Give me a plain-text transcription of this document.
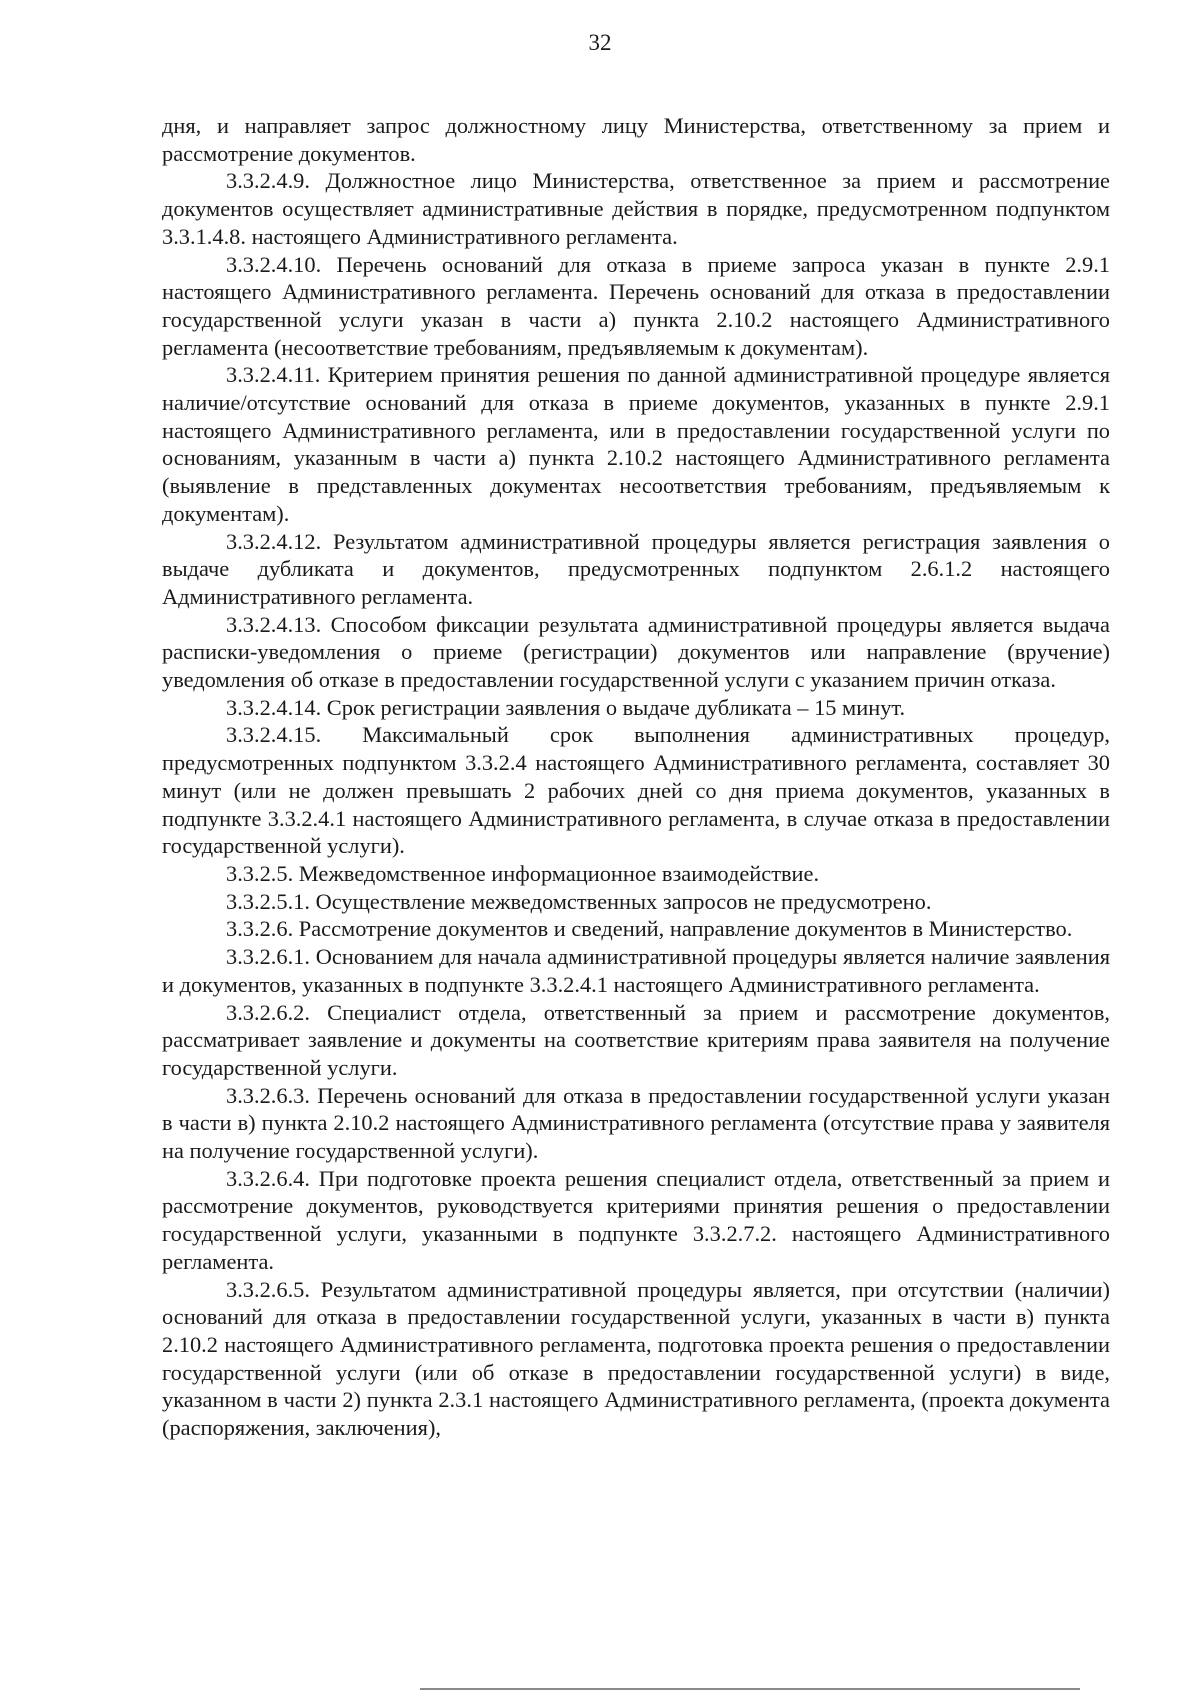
32

дня, и направляет запрос должностному лицу Министерства, ответственному за прием и рассмотрение документов.

3.3.2.4.9. Должностное лицо Министерства, ответственное за прием и рассмотрение документов осуществляет административные действия в порядке, предусмотренном подпунктом 3.3.1.4.8. настоящего Административного регламента.

3.3.2.4.10. Перечень оснований для отказа в приеме запроса указан в пункте 2.9.1 настоящего Административного регламента. Перечень оснований для отказа в предоставлении государственной услуги указан в части а) пункта 2.10.2 настоящего Административного регламента (несоответствие требованиям, предъявляемым к документам).

3.3.2.4.11. Критерием принятия решения по данной административной процедуре является наличие/отсутствие оснований для отказа в приеме документов, указанных в пункте 2.9.1 настоящего Административного регламента, или в предоставлении государственной услуги по основаниям, указанным в части а) пункта 2.10.2 настоящего Административного регламента (выявление в представленных документах несоответствия требованиям, предъявляемым к документам).

3.3.2.4.12. Результатом административной процедуры является регистрация заявления о выдаче дубликата и документов, предусмотренных подпунктом 2.6.1.2 настоящего Административного регламента.

3.3.2.4.13. Способом фиксации результата административной процедуры является выдача расписки-уведомления о приеме (регистрации) документов или направление (вручение) уведомления об отказе в предоставлении государственной услуги с указанием причин отказа.

3.3.2.4.14. Срок регистрации заявления о выдаче дубликата – 15 минут.

3.3.2.4.15. Максимальный срок выполнения административных процедур, предусмотренных подпунктом 3.3.2.4 настоящего Административного регламента, составляет 30 минут (или не должен превышать 2 рабочих дней со дня приема документов, указанных в подпункте 3.3.2.4.1 настоящего Административного регламента, в случае отказа в предоставлении государственной услуги).

3.3.2.5. Межведомственное информационное взаимодействие.

3.3.2.5.1. Осуществление межведомственных запросов не предусмотрено.

3.3.2.6. Рассмотрение документов и сведений, направление документов в Министерство.

3.3.2.6.1. Основанием для начала административной процедуры является наличие заявления и документов, указанных в подпункте 3.3.2.4.1 настоящего Административного регламента.

3.3.2.6.2. Специалист отдела, ответственный за прием и рассмотрение документов, рассматривает заявление и документы на соответствие критериям права заявителя на получение государственной услуги.

3.3.2.6.3. Перечень оснований для отказа в предоставлении государственной услуги указан в части в) пункта 2.10.2 настоящего Административного регламента (отсутствие права у заявителя на получение государственной услуги).

3.3.2.6.4. При подготовке проекта решения специалист отдела, ответственный за прием и рассмотрение документов, руководствуется критериями принятия решения о предоставлении государственной услуги, указанными в подпункте 3.3.2.7.2. настоящего Административного регламента.

3.3.2.6.5. Результатом административной процедуры является, при отсутствии (наличии) оснований для отказа в предоставлении государственной услуги, указанных в части в) пункта 2.10.2 настоящего Административного регламента, подготовка проекта решения о предоставлении государственной услуги (или об отказе в предоставлении государственной услуги) в виде, указанном в части 2) пункта 2.3.1 настоящего Административного регламента, (проекта документа (распоряжения, заключения),
